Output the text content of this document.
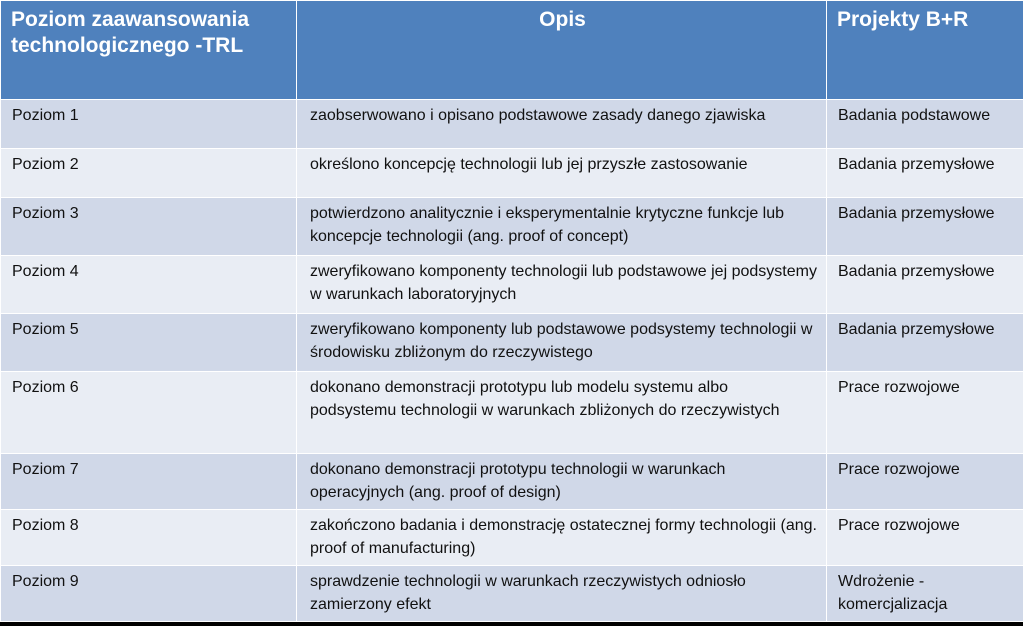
Poziom zaawansowania technologicznego -TRL	Opis	Projekty B+R
Poziom 1	zaobserwowano i opisano podstawowe zasady danego zjawiska	Badania podstawowe
Poziom 2	określono koncepcję technologii lub jej przyszłe zastosowanie	Badania przemysłowe
Poziom 3	potwierdzono analitycznie i eksperymentalnie krytyczne funkcje lub koncepcje technologii (ang. proof of concept)	Badania przemysłowe
Poziom 4	zweryfikowano komponenty technologii lub podstawowe jej podsystemy w warunkach laboratoryjnych	Badania przemysłowe
Poziom 5	zweryfikowano komponenty lub podstawowe podsystemy technologii w środowisku zbliżonym do rzeczywistego	Badania przemysłowe
Poziom 6	dokonano demonstracji prototypu lub modelu systemu albo podsystemu technologii w warunkach zbliżonych do rzeczywistych	Prace rozwojowe
Poziom 7	dokonano demonstracji prototypu technologii w warunkach operacyjnych (ang. proof of design)	Prace rozwojowe
Poziom 8	zakończono badania i demonstrację ostatecznej formy technologii (ang. proof of manufacturing)	Prace rozwojowe
Poziom 9	sprawdzenie technologii w warunkach rzeczywistych odniosło zamierzony efekt	Wdrożenie - komercjalizacja
